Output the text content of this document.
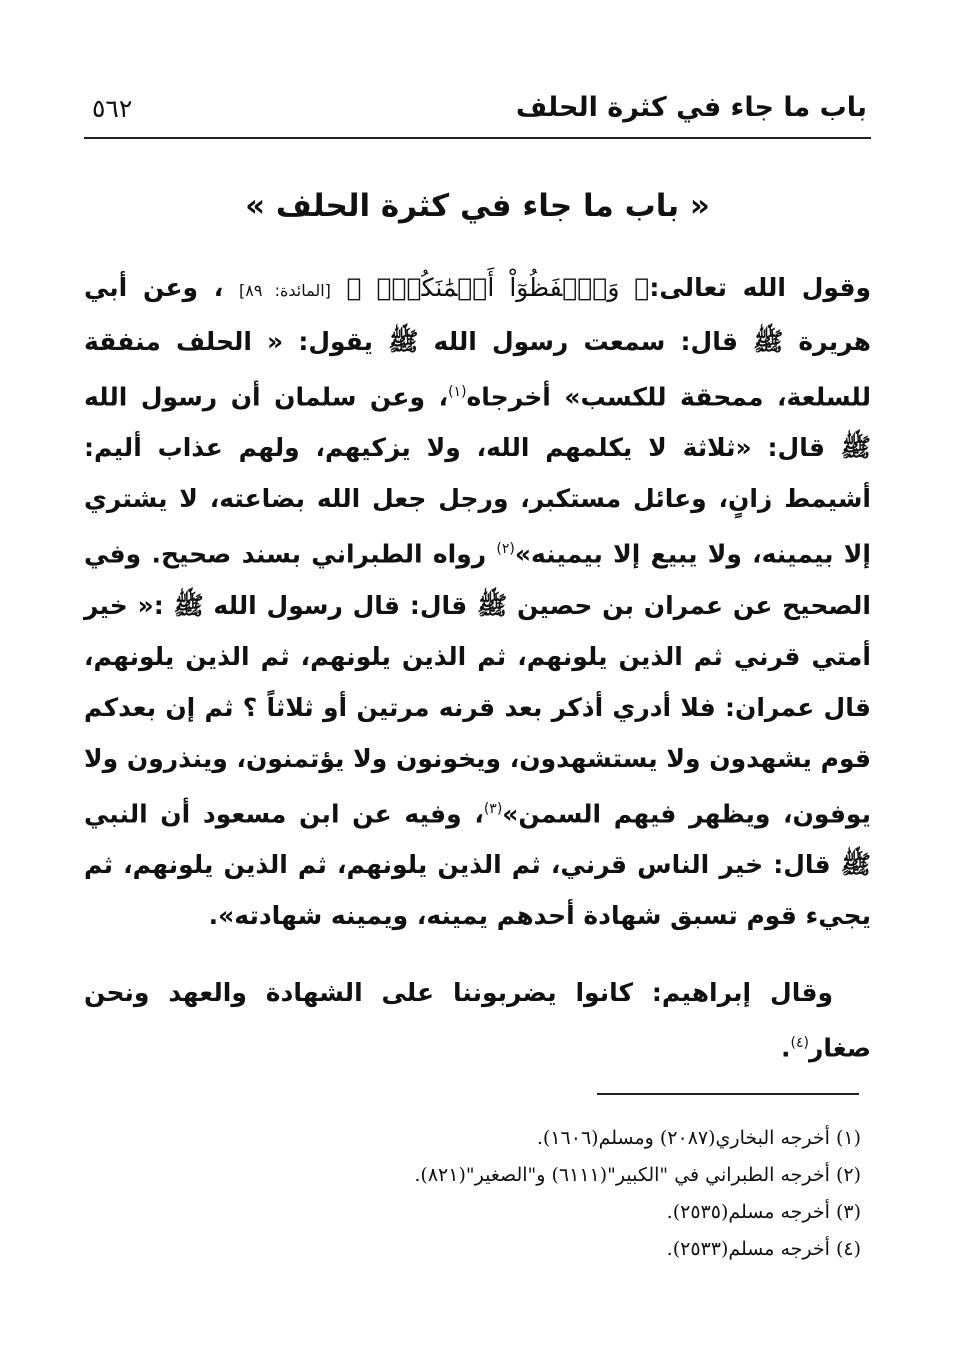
باب ما جاء في كثرة الحلف
٥٦٢
« باب ما جاء في كثرة الحلف »

وقول الله تعالى:﴿ وَٱحۡفَظُوٓاْ أَيۡمَٰنَكُمۡۚ ﴾ [المائدة: ٨٩] ، وعن أبي هريرة ﷺ قال: سمعت رسول الله ﷺ يقول: « الحلف منفقة للسلعة، ممحقة للكسب» أخرجاه$^{(١)}$، وعن سلمان أن رسول الله ﷺ قال: «ثلاثة لا يكلمهم الله، ولا يزكيهم، ولهم عذاب أليم: أشيمط زانٍ، وعائل مستكبر، ورجل جعل الله بضاعته، لا يشتري إلا بيمينه، ولا يبيع إلا بيمينه»$^{(٢)}$ رواه الطبراني بسند صحيح. وفي الصحيح عن عمران بن حصين ﷺ قال: قال رسول الله ﷺ :« خير أمتي قرني ثم الذين يلونهم، ثم الذين يلونهم، ثم الذين يلونهم، قال عمران: فلا أدري أذكر بعد قرنه مرتين أو ثلاثاً ؟ ثم إن بعدكم قوم يشهدون ولا يستشهدون، ويخونون ولا يؤتمنون، وينذرون ولا يوفون، ويظهر فيهم السمن»$^{(٣)}$، وفيه عن ابن مسعود أن النبي ﷺ قال: خير الناس قرني، ثم الذين يلونهم، ثم الذين يلونهم، ثم يجيء قوم تسبق شهادة أحدهم يمينه، ويمينه شهادته».

وقال إبراهيم: كانوا يضربوننا على الشهادة والعهد ونحن صغار$^{(٤)}$.

(١) أخرجه البخاري(٢٠٨٧) ومسلم(١٦٠٦).
(٢) أخرجه الطبراني في "الكبير"(٦١١١) و"الصغير"(٨٢١).
(٣) أخرجه مسلم(٢٥٣٥).
(٤) أخرجه مسلم(٢٥٣٣).
